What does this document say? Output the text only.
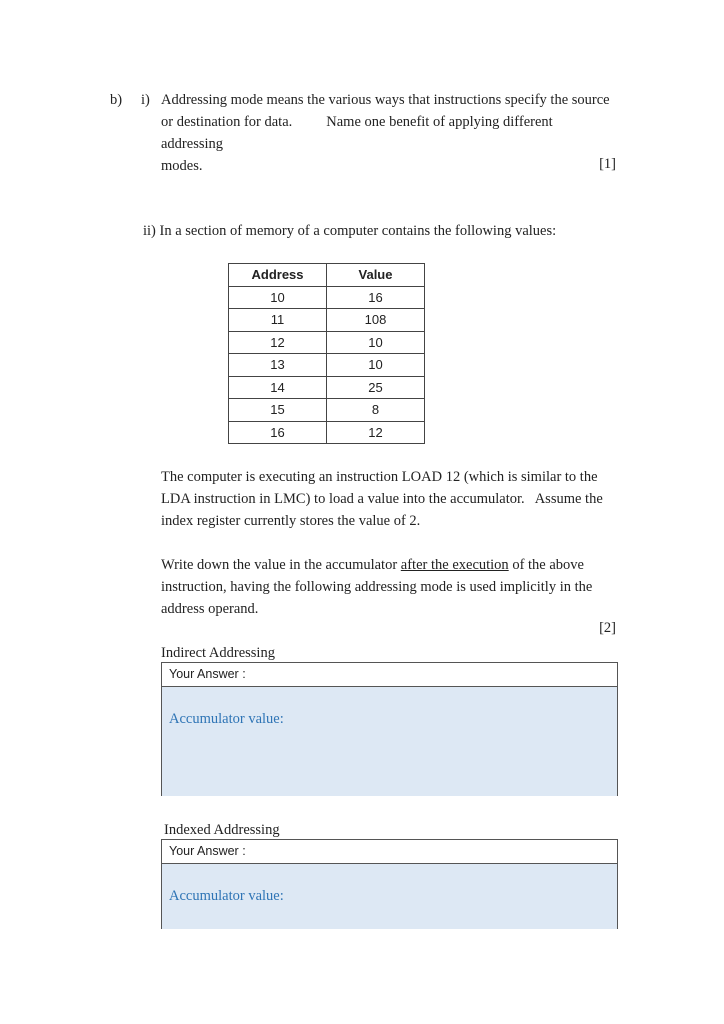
b) i) Addressing mode means the various ways that instructions specify the source
or destination for data. Name one benefit of applying different addressing
modes.	[1]
ii) In a section of memory of a computer contains the following values:
Address	Value
10	16
11	108
12	10
13	10
14	25
15	8
16	12
The computer is executing an instruction LOAD 12 (which is similar to the
LDA instruction in LMC) to load a value into the accumulator.   Assume the
index register currently stores the value of 2.
Write down the value in the accumulator after the execution of the above
instruction, having the following addressing mode is used implicitly in the
address operand.
[2]
Indirect Addressing
Your Answer :
Accumulator value:
Indexed Addressing
Your Answer :
Accumulator value:
